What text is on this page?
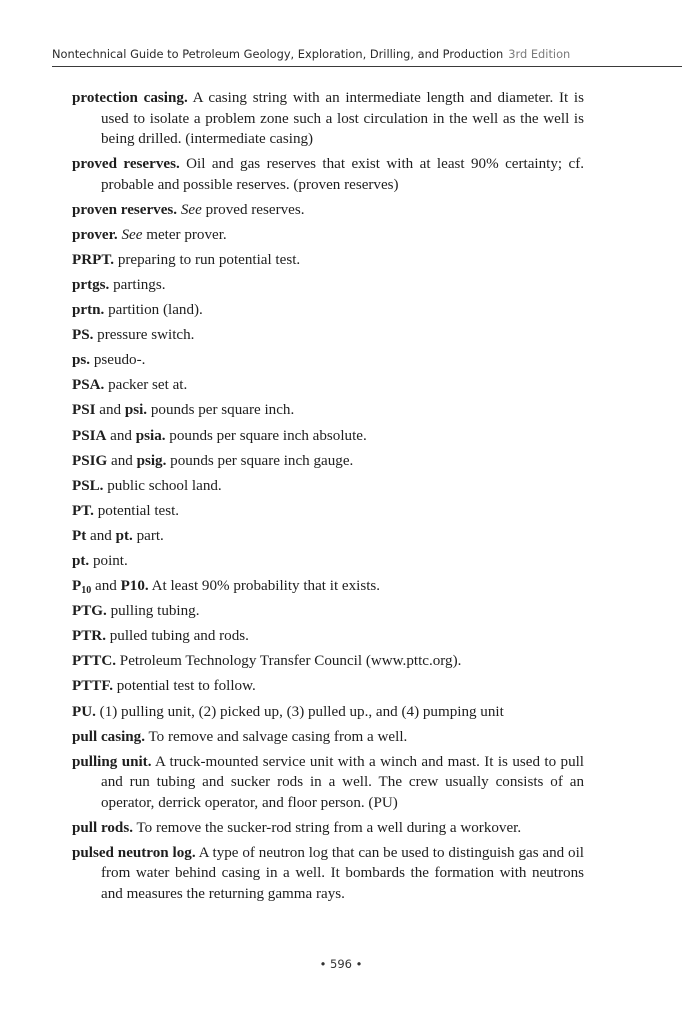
Nontechnical Guide to Petroleum Geology, Exploration, Drilling, and Production 3rd Edition

protection casing. A casing string with an intermediate length and diameter. It is used to isolate a problem zone such a lost circulation in the well as the well is being drilled. (intermediate casing)

proved reserves. Oil and gas reserves that exist with at least 90% certainty; cf. probable and possible reserves. (proven reserves)

proven reserves. See proved reserves.

prover. See meter prover.

PRPT. preparing to run potential test.

prtgs. partings.

prtn. partition (land).

PS. pressure switch.

ps. pseudo-.

PSA. packer set at.

PSI and psi. pounds per square inch.

PSIA and psia. pounds per square inch absolute.

PSIG and psig. pounds per square inch gauge.

PSL. public school land.

PT. potential test.

Pt and pt. part.

pt. point.

$P_{10}$ and P10. At least 90% probability that it exists.

PTG. pulling tubing.

PTR. pulled tubing and rods.

PTTC. Petroleum Technology Transfer Council (www.pttc.org).

PTTF. potential test to follow.

PU. (1) pulling unit, (2) picked up, (3) pulled up., and (4) pumping unit

pull casing. To remove and salvage casing from a well.

pulling unit. A truck-mounted service unit with a winch and mast. It is used to pull and run tubing and sucker rods in a well. The crew usually consists of an operator, derrick operator, and floor person. (PU)

pull rods. To remove the sucker-rod string from a well during a workover.

pulsed neutron log. A type of neutron log that can be used to distinguish gas and oil from water behind casing in a well. It bombards the formation with neutrons and measures the returning gamma rays.

• 596 •
